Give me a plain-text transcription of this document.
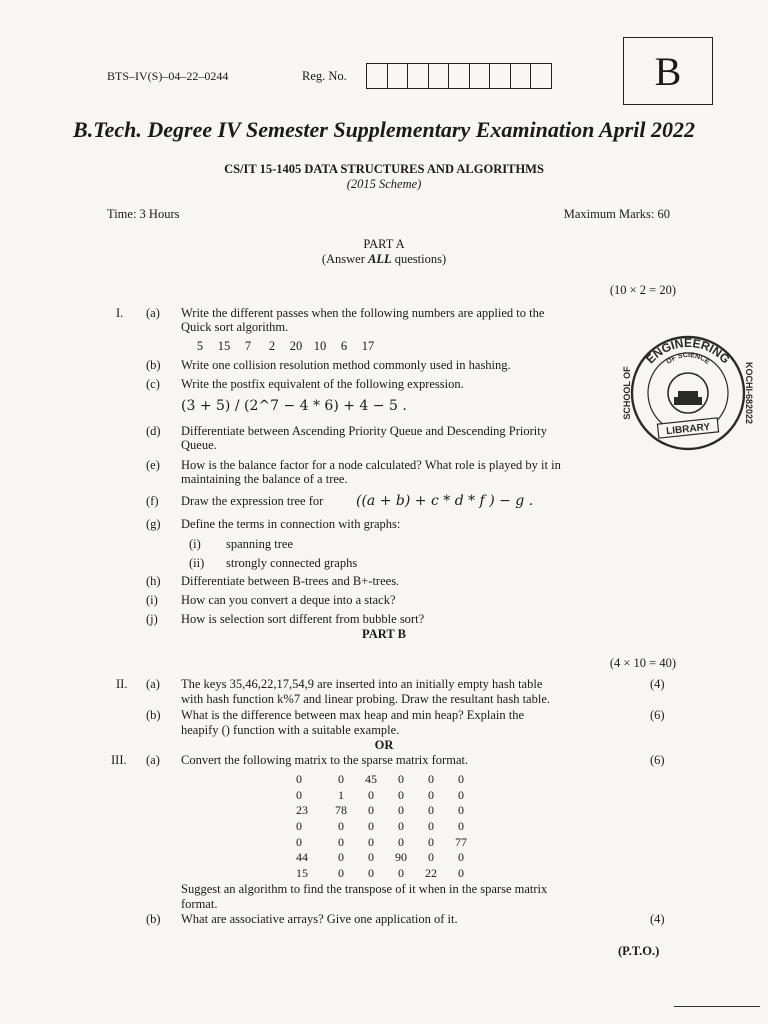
BTS–IV(S)–04–22–0244	Reg. No.	B
B.Tech. Degree IV Semester Supplementary Examination April 2022
CS/IT 15-1405 DATA STRUCTURES AND ALGORITHMS
(2015 Scheme)
Time: 3 Hours	Maximum Marks: 60
PART A
(Answer ALL questions)
(10 × 2 = 20)
I. (a) Write the different passes when the following numbers are applied to the
Quick sort algorithm.
5 15 7 2 20 10 6 17
(b) Write one collision resolution method commonly used in hashing.
(c) Write the postfix equivalent of the following expression.
(3 + 5) / (2^7 − 4 * 6) + 4 − 5 .
(d) Differentiate between Ascending Priority Queue and Descending Priority
Queue.
(e) How is the balance factor for a node calculated? What role is played by it in
maintaining the balance of a tree.
(f) Draw the expression tree for ((a + b) + c * d * f ) − g .
(g) Define the terms in connection with graphs:
(i) spanning tree
(ii) strongly connected graphs
(h) Differentiate between B-trees and B+-trees.
(i) How can you convert a deque into a stack?
(j) How is selection sort different from bubble sort?
ENGINEERING
OF SCIENCE
SCHOOL OF	KOCHI-682022
LIBRARY
PART B
(4 × 10 = 40)
II. (a) The keys 35,46,22,17,54,9 are inserted into an initially empty hash table
with hash function k%7 and linear probing. Draw the resultant hash table.
(4)
(b) What is the difference between max heap and min heap? Explain the
heapify () function with a suitable example.
(6)
OR
III. (a) Convert the following matrix to the sparse matrix format.	(6)
0	0	45	0	0	0
0	1	0	0	0	0
23	78	0	0	0	0
0	0	0	0	0	0
0	0	0	0	0	77
44	0	0	90	0	0
15	0	0	0	22	0
Suggest an algorithm to find the transpose of it when in the sparse matrix
format.
(b) What are associative arrays? Give one application of it.	(4)
(P.T.O.)
